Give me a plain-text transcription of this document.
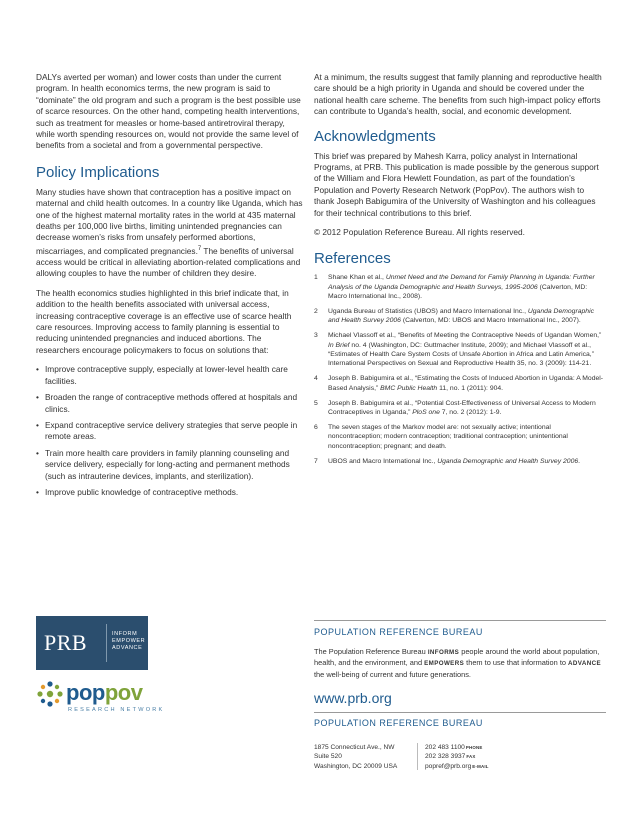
DALYs averted per woman) and lower costs than under the current program. In health economics terms, the new program is said to “dominate” the old program and such a program is the best possible use of scarce resources. On the other hand, competing health interventions, such as treatment for measles or home-based antiretroviral therapy, while worth spending resources on, would not provide the same level of benefits from a societal and from a governmental perspective.

Policy Implications

Many studies have shown that contraception has a positive impact on maternal and child health outcomes. In a country like Uganda, which has one of the highest maternal mortality rates in the world at 435 maternal deaths per 100,000 live births, limiting unintended pregnancies can decrease women’s risks from unsafely performed abortions, miscarriages, and complicated pregnancies.$^7$ The benefits of universal access would be critical in alleviating abortion-related complications and allowing couples to have the number of children they desire.

The health economics studies highlighted in this brief indicate that, in addition to the health benefits associated with universal access, increasing contraceptive coverage is an effective use of scarce health care resources. Improving access to family planning is essential to reducing unintended pregnancies and induced abortions. The researchers encourage policymakers to focus on solutions that:

• Improve contraceptive supply, especially at lower-level health care facilities.
• Broaden the range of contraceptive methods offered at hospitals and clinics.
• Expand contraceptive service delivery strategies that serve people in remote areas.
• Train more health care providers in family planning counseling and service delivery, especially for long-acting and permanent methods (such as intrauterine devices, implants, and sterilization).
• Improve public knowledge of contraceptive methods.

At a minimum, the results suggest that family planning and reproductive health care should be a high priority in Uganda and should be covered under the national health care scheme. The benefits from such high-impact policy efforts can contribute to Uganda’s health, social, and economic development.

Acknowledgments

This brief was prepared by Mahesh Karra, policy analyst in International Programs, at PRB. This publication is made possible by the generous support of the William and Flora Hewlett Foundation, as part of the foundation’s Population and Poverty Research Network (PopPov). The authors wish to thank Joseph Babigumira of the University of Washington and his colleagues for their technical contributions to this brief.

© 2012 Population Reference Bureau. All rights reserved.

References
1	Shane Khan et al., Unmet Need and the Demand for Family Planning in Uganda: Further Analysis of the Uganda Demographic and Health Surveys, 1995-2006 (Calverton, MD: Macro International Inc., 2008).
2	Uganda Bureau of Statistics (UBOS) and Macro International Inc., Uganda Demographic and Health Survey 2006 (Calverton, MD: UBOS and Macro International Inc., 2007).
3	Michael Vlassoff et al., “Benefits of Meeting the Contraceptive Needs of Ugandan Women,” In Brief no. 4 (Washington, DC: Guttmacher Institute, 2009); and Michael Vlassoff et al., “Estimates of Health Care System Costs of Unsafe Abortion in Africa and Latin America,” International Perspectives on Sexual and Reproductive Health 35, no. 3 (2009): 114-21.
4	Joseph B. Babigumira et al., “Estimating the Costs of Induced Abortion in Uganda: A Model-Based Analysis,” BMC Public Health 11, no. 1 (2011): 904.
5	Joseph B. Babigumira et al., “Potential Cost-Effectiveness of Universal Access to Modern Contraceptives in Uganda,” PloS one 7, no. 2 (2012): 1-9.
6	The seven stages of the Markov model are: not sexually active; intentional noncontraception; modern contraception; traditional contraception; unintentional noncontraception; pregnant; and death.
7	UBOS and Macro International Inc., Uganda Demographic and Health Survey 2006.
PRB	INFORM
EMPOWER
ADVANCE
poppov
RESEARCH NETWORK
POPULATION REFERENCE BUREAU
The Population Reference Bureau INFORMS people around the world about population, health, and the environment, and EMPOWERS them to use that information to ADVANCE the well-being of current and future generations.
www.prb.org
POPULATION REFERENCE BUREAU
1875 Connecticut Ave., NW
Suite 520
Washington, DC 20009 USA
202 483 1100PHONE
202 328 3937FAX
popref@prb.orgE-MAIL
